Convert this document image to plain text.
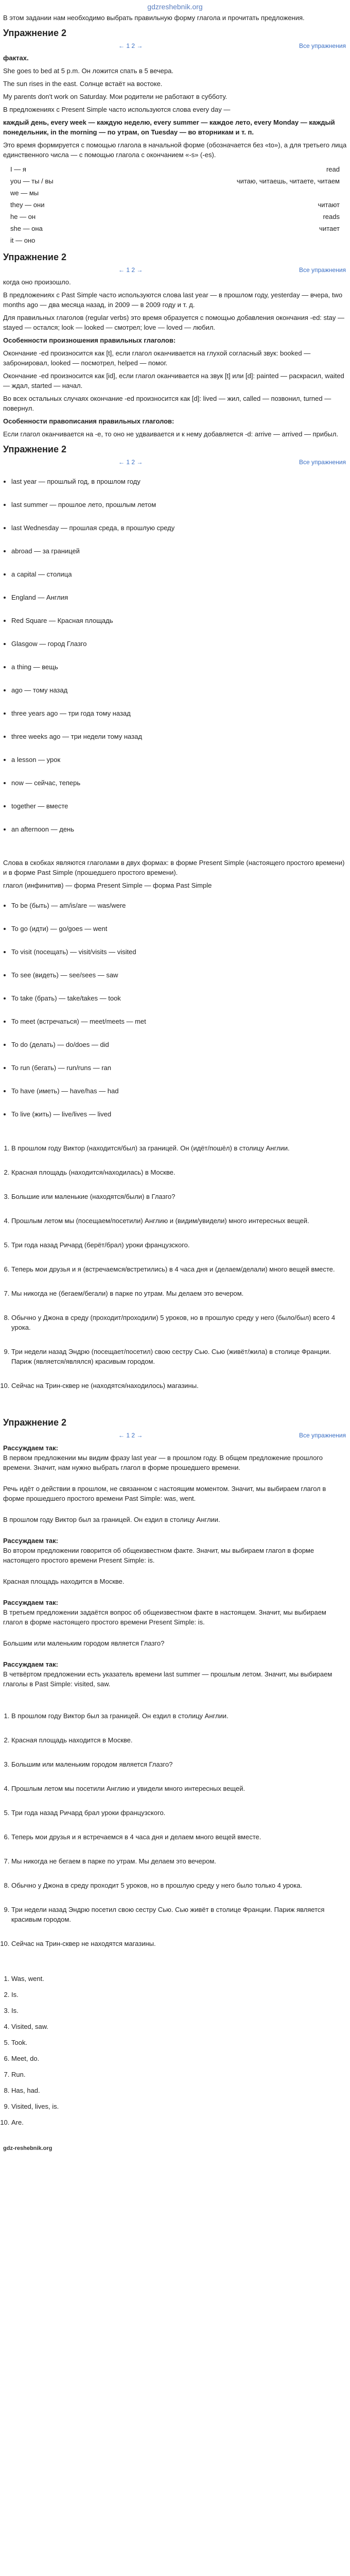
gdzreshebnik.org
В этом задании нам необходимо выбрать правильную форму глагола и прочитать предложения.
Упражнение 2
← 1 2 →	Все упражнения
фактах.
She goes to bed at 5 p.m. Он ложится спать в 5 вечера.
The sun rises in the east. Солнце встаёт на востоке.
My parents don't work on Saturday. Мои родители не работают в субботу.
В предложениях с Present Simple часто используются слова every day —
каждый день, every week — каждую неделю, every summer — каждое лето, every Monday — каждый понедельник, in the morning — по утрам, on Tuesday — во вторникам и т. п.
Это время формируется с помощью глагола в начальной форме (обозначается без «to»), а для третьего лица единственного числа — с помощью глагола с окончанием «-s» (-es).
I — я	read
you — ты / вы	читаю, читаешь, читаете, читаем
we — мы
they — они	читают
he — он	reads
she — она	читает
it — оно
Упражнение 2
← 1 2 →	Все упражнения
когда оно произошло.
В предложениях с Past Simple часто используются слова last year — в прошлом году, yesterday — вчера, two months ago — два месяца назад, in 2009 — в 2009 году и т. д.
Для правильных глаголов (regular verbs) это время образуется с помощью добавления окончания -ed: stay — stayed — остался; look — looked — смотрел; love — loved — любил.
Особенности произношения правильных глаголов:
Окончание -ed произносится как [t], если глагол оканчивается на глухой согласный звук: booked — забронировал, looked — посмотрел, helped — помог.
Окончание -ed произносится как [id], если глагол оканчивается на звук [t] или [d]: painted — раскрасил, waited — ждал, started — начал.
Во всех остальных случаях окончание -ed произносится как [d]: lived — жил, called — позвонил, turned — повернул.
Особенности правописания правильных глаголов:
Если глагол оканчивается на -e, то оно не удваивается и к нему добавляется -d: arrive — arrived — прибыл.
Упражнение 2
← 1 2 →	Все упражнения
• last year — прошлый год, в прошлом году
• last summer — прошлое лето, прошлым летом
• last Wednesday — прошлая среда, в прошлую среду
• abroad — за границей
• a capital — столица
• England — Англия
• Red Square — Красная площадь
• Glasgow — город Глазго
• a thing — вещь
• ago — тому назад
• three years ago — три года тому назад
• three weeks ago — три недели тому назад
• a lesson — урок
• now — сейчас, теперь
• together — вместе
• an afternoon — день
Слова в скобках являются глаголами в двух формах: в форме Present Simple (настоящего простого времени) и в форме Past Simple (прошедшего простого времени).
глагол (инфинитив) — форма Present Simple — форма Past Simple
• To be (быть) — am/is/are — was/were
• To go (идти) — go/goes — went
• To visit (посещать) — visit/visits — visited
• To see (видеть) — see/sees — saw
• To take (брать) — take/takes — took
• To meet (встречаться) — meet/meets — met
• To do (делать) — do/does — did
• To run (бегать) — run/runs — ran
• To have (иметь) — have/has — had
• To live (жить) — live/lives — lived
1. В прошлом году Виктор (находится/был) за границей. Он (идёт/пошёл) в столицу Англии.
2. Красная площадь (находится/находилась) в Москве.
3. Большие или маленькие (находятся/были) в Глазго?
4. Прошлым летом мы (посещаем/посетили) Англию и (видим/увидели) много интересных вещей.
5. Три года назад Ричард (берёт/брал) уроки французского.
6. Теперь мои друзья и я (встречаемся/встретились) в 4 часа дня и (делаем/делали) много вещей вместе.
7. Мы никогда не (бегаем/бегали) в парке по утрам. Мы делаем это вечером.
8. Обычно у Джона в среду (проходит/проходили) 5 уроков, но в прошлую среду у него (было/был) всего 4 урока.
9. Три недели назад Эндрю (посещает/посетил) свою сестру Сью. Сью (живёт/жила) в столице Франции. Париж (является/являлся) красивым городом.
10. Сейчас на Трин-сквер не (находятся/находилось) магазины.
Упражнение 2
← 1 2 →	Все упражнения
Рассуждаем так:
В первом предложении мы видим фразу last year — в прошлом году. В общем предложение прошлого времени. Значит, нам нужно выбрать глагол в форме прошедшего времени.
Речь идёт о действии в прошлом, не связанном с настоящим моментом. Значит, мы выбираем глагол в форме прошедшего простого времени Past Simple: was, went.
В прошлом году Виктор был за границей. Он ездил в столицу Англии.
Рассуждаем так:
Во втором предложении говорится об общеизвестном факте. Значит, мы выбираем глагол в форме настоящего простого времени Present Simple: is.
Красная площадь находится в Москве.
Рассуждаем так:
В третьем предложении задаётся вопрос об общеизвестном факте в настоящем. Значит, мы выбираем глагол в форме настоящего простого времени Present Simple: is.
Большим или маленьким городом является Глазго?
Рассуждаем так:
В четвёртом предложении есть указатель времени last summer — прошлым летом. Значит, мы выбираем глаголы в Past Simple: visited, saw.
1. В прошлом году Виктор был за границей. Он ездил в столицу Англии.
2. Красная площадь находится в Москве.
3. Большим или маленьким городом является Глазго?
4. Прошлым летом мы посетили Англию и увидели много интересных вещей.
5. Три года назад Ричард брал уроки французского.
6. Теперь мои друзья и я встречаемся в 4 часа дня и делаем много вещей вместе.
7. Мы никогда не бегаем в парке по утрам. Мы делаем это вечером.
8. Обычно у Джона в среду проходит 5 уроков, но в прошлую среду у него было только 4 урока.
9. Три недели назад Эндрю посетил свою сестру Сью. Сью живёт в столице Франции. Париж является красивым городом.
10. Сейчас на Трин-сквер не находятся магазины.
1. Was, went.
2. Is.
3. Is.
4. Visited, saw.
5. Took.
6. Meet, do.
7. Run.
8. Has, had.
9. Visited, lives, is.
10. Are.
gdz-reshebnik.org
